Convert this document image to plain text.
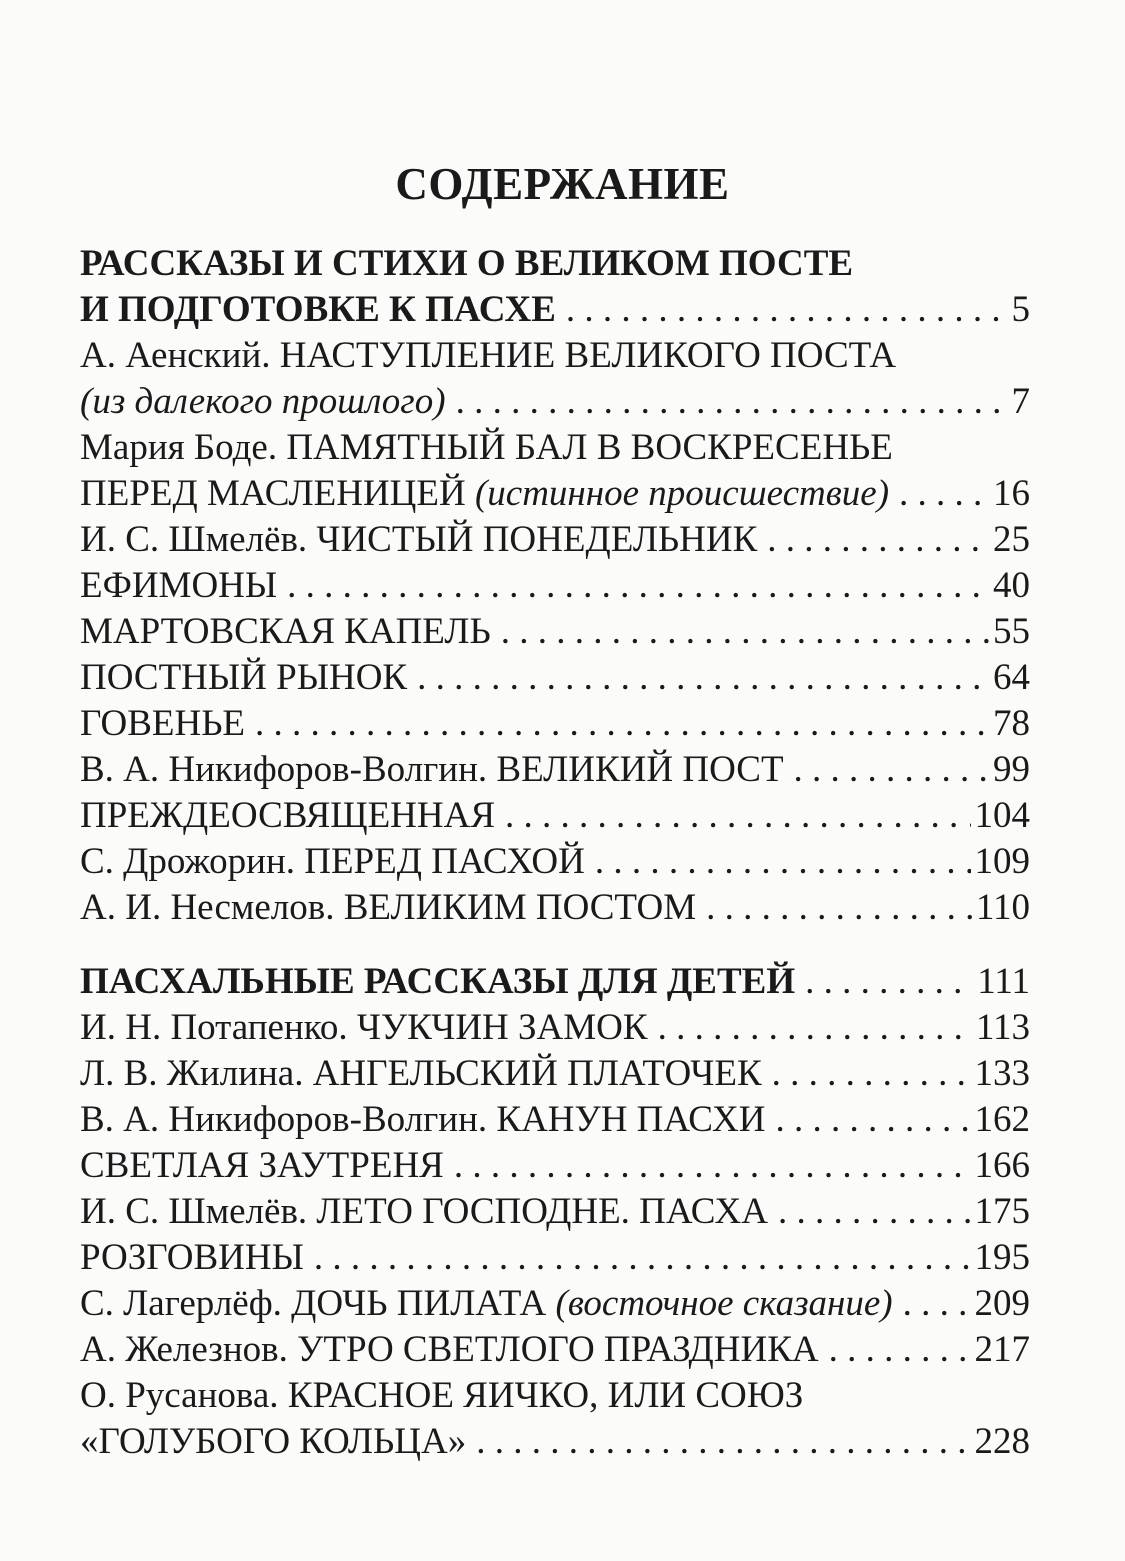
СОДЕРЖАНИЕ
РАССКАЗЫ И СТИХИ О ВЕЛИКОМ ПОСТЕ
И ПОДГОТОВКЕ К ПАСХЕ . . .	5
А. Аенский. НАСТУПЛЕНИЕ ВЕЛИКОГО ПОСТА
(из далекого прошлого) . . .	7
Мария Боде. ПАМЯТНЫЙ БАЛ В ВОСКРЕСЕНЬЕ
ПЕРЕД МАСЛЕНИЦЕЙ (истинное происшествие) . . .	16
И. С. Шмелёв. ЧИСТЫЙ ПОНЕДЕЛЬНИК . . .	25
ЕФИМОНЫ . . .	40
МАРТОВСКАЯ КАПЕЛЬ . . .	55
ПОСТНЫЙ РЫНОК . . .	64
ГОВЕНЬЕ . . .	78
В. А. Никифоров-Волгин. ВЕЛИКИЙ ПОСТ . . .	99
ПРЕЖДЕОСВЯЩЕННАЯ . . .	104
С. Дрожорин. ПЕРЕД ПАСХОЙ . . .	109
А. И. Несмелов. ВЕЛИКИМ ПОСТОМ . . .	110
ПАСХАЛЬНЫЕ РАССКАЗЫ ДЛЯ ДЕТЕЙ . . .	111
И. Н. Потапенко. ЧУКЧИН ЗАМОК . . .	113
Л. В. Жилина. АНГЕЛЬСКИЙ ПЛАТОЧЕК . . .	133
В. А. Никифоров-Волгин. КАНУН ПАСХИ . . .	162
СВЕТЛАЯ ЗАУТРЕНЯ . . .	166
И. С. Шмелёв. ЛЕТО ГОСПОДНЕ. ПАСХА . . .	175
РОЗГОВИНЫ . . .	195
С. Лагерлёф. ДОЧЬ ПИЛАТА (восточное сказание) . . . 209
А. Железнов. УТРО СВЕТЛОГО ПРАЗДНИКА . . .	217
О. Русанова. КРАСНОЕ ЯИЧКО, ИЛИ СОЮЗ
«ГОЛУБОГО КОЛЬЦА» . . .	228
